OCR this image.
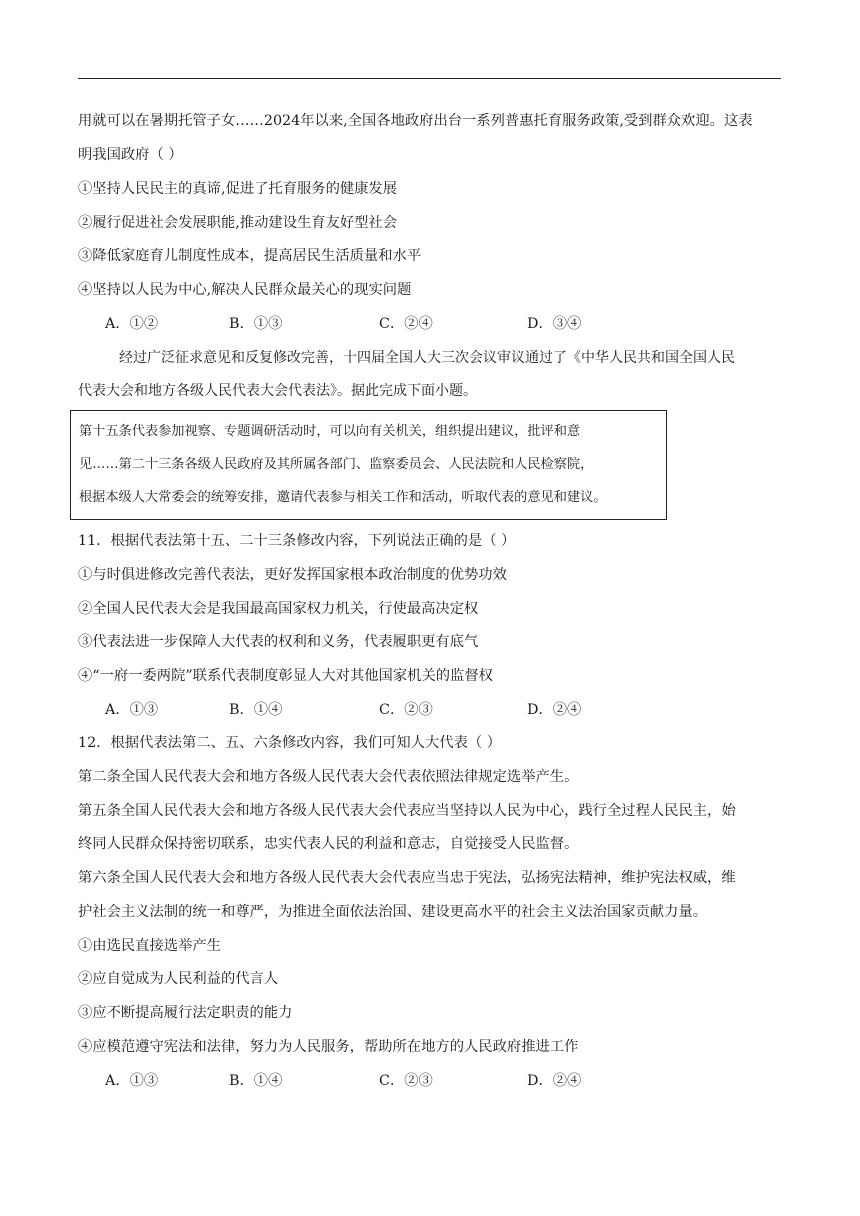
用就可以在暑期托管子女……2024年以来,全国各地政府出台一系列普惠托育服务政策,受到群众欢迎。这表
明我国政府（ ）
①坚持人民民主的真谛,促进了托育服务的健康发展
②履行促进社会发展职能,推动建设生育友好型社会
③降低家庭育儿制度性成本，提高居民生活质量和水平
④坚持以人民为中心,解决人民群众最关心的现实问题
A．①②	B．①③	C．②④	D．③④
经过广泛征求意见和反复修改完善，十四届全国人大三次会议审议通过了《中华人民共和国全国人民
代表大会和地方各级人民代表大会代表法》。据此完成下面小题。
第十五条代表参加视察、专题调研活动时，可以向有关机关，组织提出建议，批评和意
见……第二十三条各级人民政府及其所属各部门、监察委员会、人民法院和人民检察院，
根据本级人大常委会的统筹安排，邀请代表参与相关工作和活动，听取代表的意见和建议。
11．根据代表法第十五、二十三条修改内容，下列说法正确的是（ ）
①与时俱进修改完善代表法，更好发挥国家根本政治制度的优势功效
②全国人民代表大会是我国最高国家权力机关，行使最高决定权
③代表法进一步保障人大代表的权利和义务，代表履职更有底气
④“一府一委两院”联系代表制度彰显人大对其他国家机关的监督权
A．①③	B．①④	C．②③	D．②④
12．根据代表法第二、五、六条修改内容，我们可知人大代表（ ）
第二条全国人民代表大会和地方各级人民代表大会代表依照法律规定选举产生。
第五条全国人民代表大会和地方各级人民代表大会代表应当坚持以人民为中心，践行全过程人民民主，始
终同人民群众保持密切联系，忠实代表人民的利益和意志，自觉接受人民监督。
第六条全国人民代表大会和地方各级人民代表大会代表应当忠于宪法，弘扬宪法精神，维护宪法权威，维
护社会主义法制的统一和尊严，为推进全面依法治国、建设更高水平的社会主义法治国家贡献力量。
①由选民直接选举产生
②应自觉成为人民利益的代言人
③应不断提高履行法定职责的能力
④应模范遵守宪法和法律，努力为人民服务，帮助所在地方的人民政府推进工作
A．①③	B．①④	C．②③	D．②④
